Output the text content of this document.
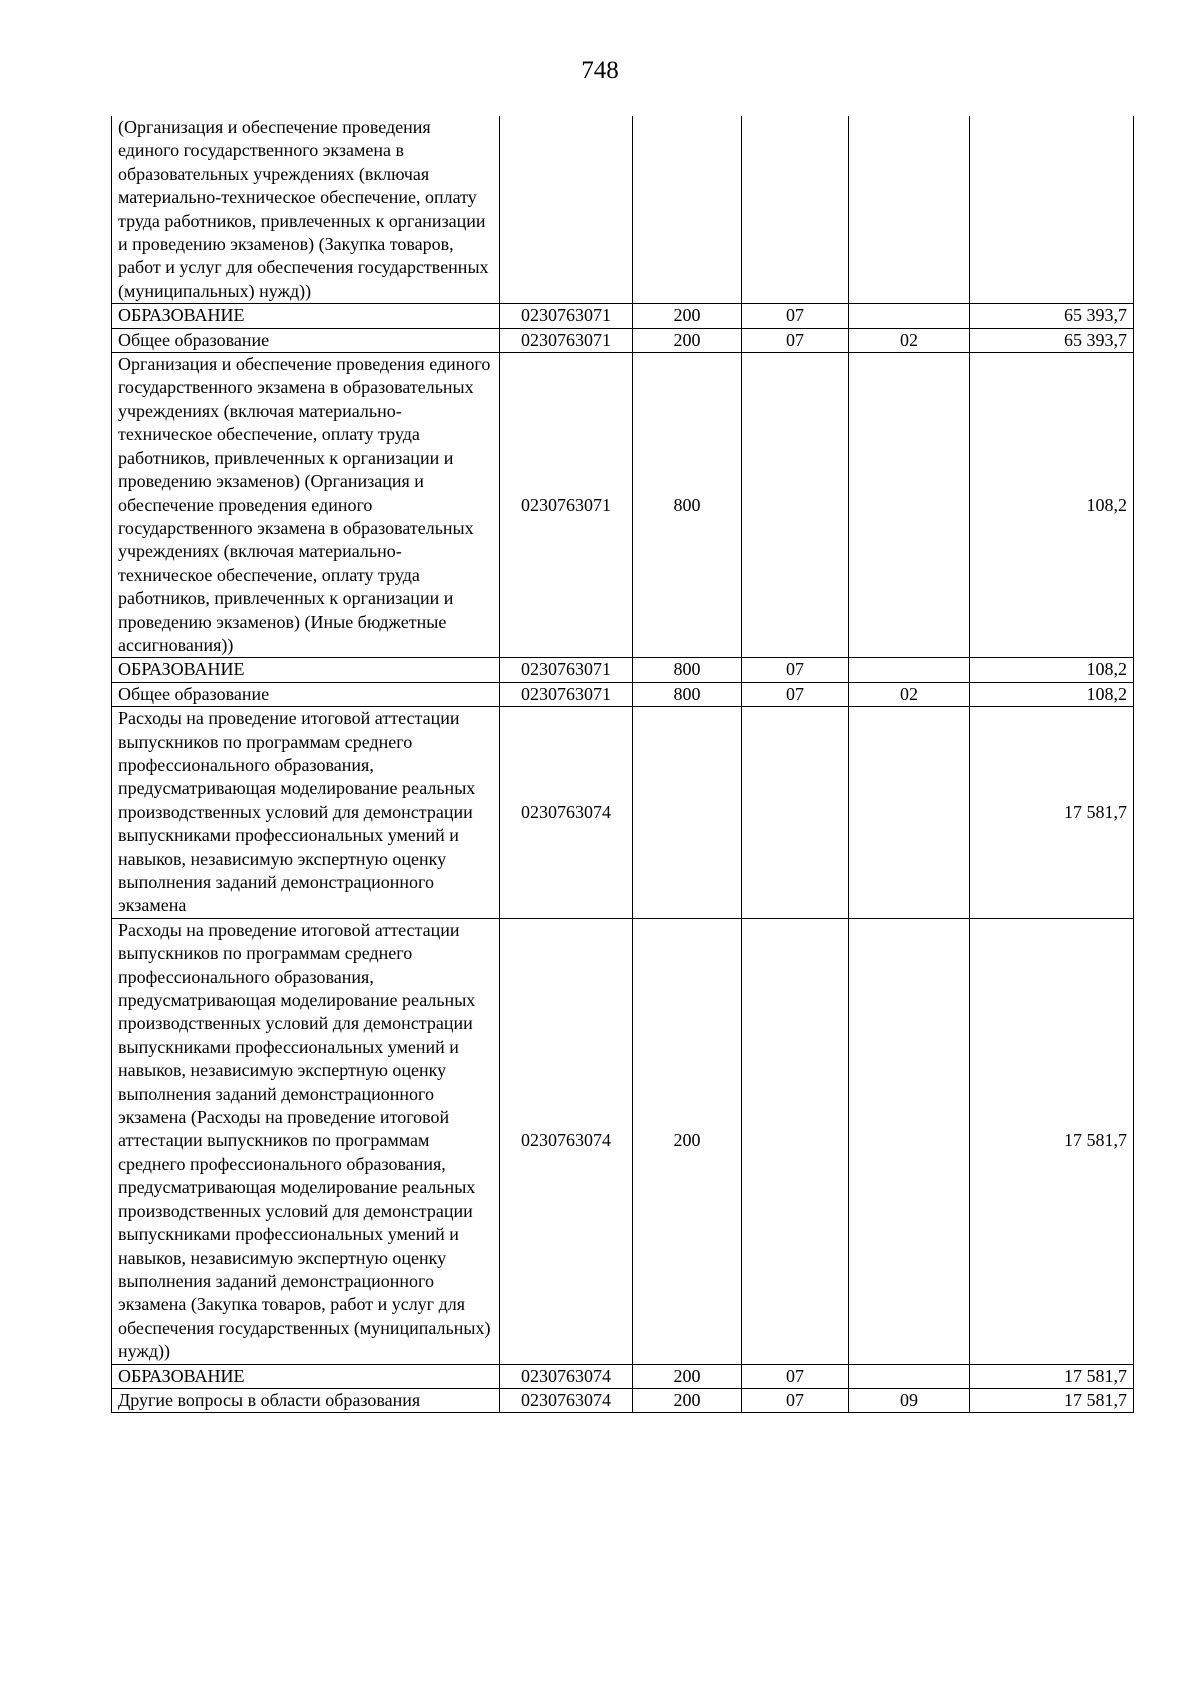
748
(Организация и обеспечение проведения единого государственного экзамена в образовательных учреждениях (включая материально-техническое обеспечение, оплату труда работников, привлеченных к организации и проведению экзаменов) (Закупка товаров, работ и услуг для обеспечения государственных (муниципальных) нужд))					
ОБРАЗОВАНИЕ	0230763071	200	07		65 393,7
Общее образование	0230763071	200	07	02	65 393,7
Организация и обеспечение проведения единого государственного экзамена в образовательных учреждениях (включая материально-техническое обеспечение, оплату труда работников, привлеченных к организации и проведению экзаменов) (Организация и обеспечение проведения единого государственного экзамена в образовательных учреждениях (включая материально-техническое обеспечение, оплату труда работников, привлеченных к организации и проведению экзаменов) (Иные бюджетные ассигнования))	0230763071	800			108,2
ОБРАЗОВАНИЕ	0230763071	800	07		108,2
Общее образование	0230763071	800	07	02	108,2
Расходы на проведение итоговой аттестации выпускников по программам среднего профессионального образования, предусматривающая моделирование реальных производственных условий для демонстрации выпускниками профессиональных умений и навыков, независимую экспертную оценку выполнения заданий демонстрационного экзамена	0230763074				17 581,7
Расходы на проведение итоговой аттестации выпускников по программам среднего профессионального образования, предусматривающая моделирование реальных производственных условий для демонстрации выпускниками профессиональных умений и навыков, независимую экспертную оценку выполнения заданий демонстрационного экзамена (Расходы на проведение итоговой аттестации выпускников по программам среднего профессионального образования, предусматривающая моделирование реальных производственных условий для демонстрации выпускниками профессиональных умений и навыков, независимую экспертную оценку выполнения заданий демонстрационного экзамена (Закупка товаров, работ и услуг для обеспечения государственных (муниципальных) нужд))	0230763074	200			17 581,7
ОБРАЗОВАНИЕ	0230763074	200	07		17 581,7
Другие вопросы в области образования	0230763074	200	07	09	17 581,7
